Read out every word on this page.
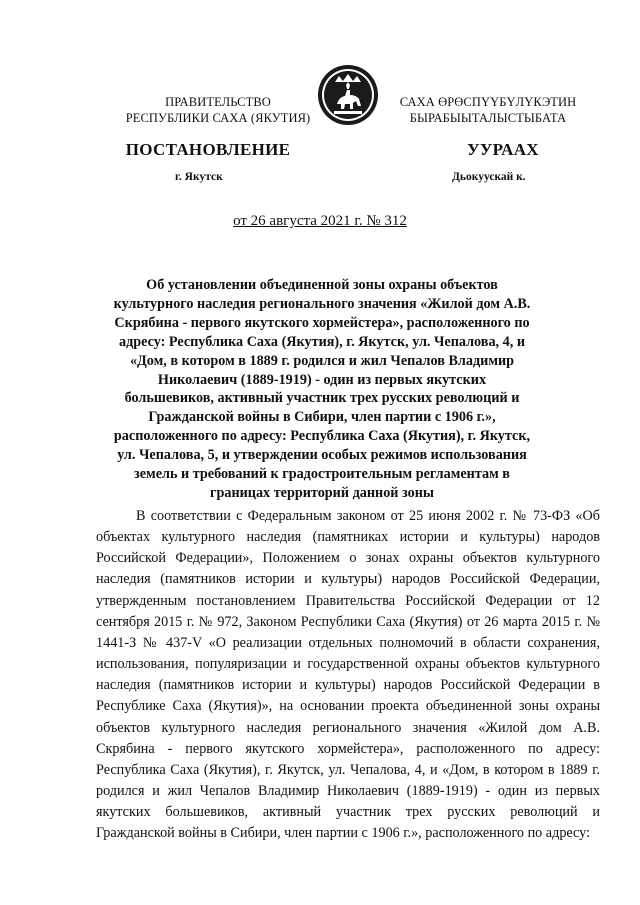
ПРАВИТЕЛЬСТВО
РЕСПУБЛИКИ САХА (ЯКУТИЯ)
САХА ӨРӨСПҮҮБҮЛҮКЭТИН
БЫРАБЫЫТАЛЫСТЫБАТА
ПОСТАНОВЛЕНИЕ	УУРААХ
г. Якутск	Дьокуускай к.
от 26 августа 2021 г. № 312
Об установлении объединенной зоны охраны объектов культурного наследия регионального значения «Жилой дом А.В. Скрябина - первого якутского хормейстера», расположенного по адресу: Республика Саха (Якутия), г. Якутск, ул. Чепалова, 4, и «Дом, в котором в 1889 г. родился и жил Чепалов Владимир Николаевич (1889-1919) - один из первых якутских большевиков, активный участник трех русских революций и Гражданской войны в Сибири, член партии с 1906 г.», расположенного по адресу: Республика Саха (Якутия), г. Якутск, ул. Чепалова, 5, и утверждении особых режимов использования земель и требований к градостроительным регламентам в границах территорий данной зоны
В соответствии с Федеральным законом от 25 июня 2002 г. № 73-ФЗ «Об объектах культурного наследия (памятниках истории и культуры) народов Российской Федерации», Положением о зонах охраны объектов культурного наследия (памятников истории и культуры) народов Российской Федерации, утвержденным постановлением Правительства Российской Федерации от 12 сентября 2015 г. № 972, Законом Республики Саха (Якутия) от 26 марта 2015 г. № 1441-З № 437-V «О реализации отдельных полномочий в области сохранения, использования, популяризации и государственной охраны объектов культурного наследия (памятников истории и культуры) народов Российской Федерации в Республике Саха (Якутия)», на основании проекта объединенной зоны охраны объектов культурного наследия регионального значения «Жилой дом А.В. Скрябина - первого якутского хормейстера», расположенного по адресу: Республика Саха (Якутия), г. Якутск, ул. Чепалова, 4, и «Дом, в котором в 1889 г. родился и жил Чепалов Владимир Николаевич (1889-1919) - один из первых якутских большевиков, активный участник трех русских революций и Гражданской войны в Сибири, член партии с 1906 г.», расположенного по адресу:
